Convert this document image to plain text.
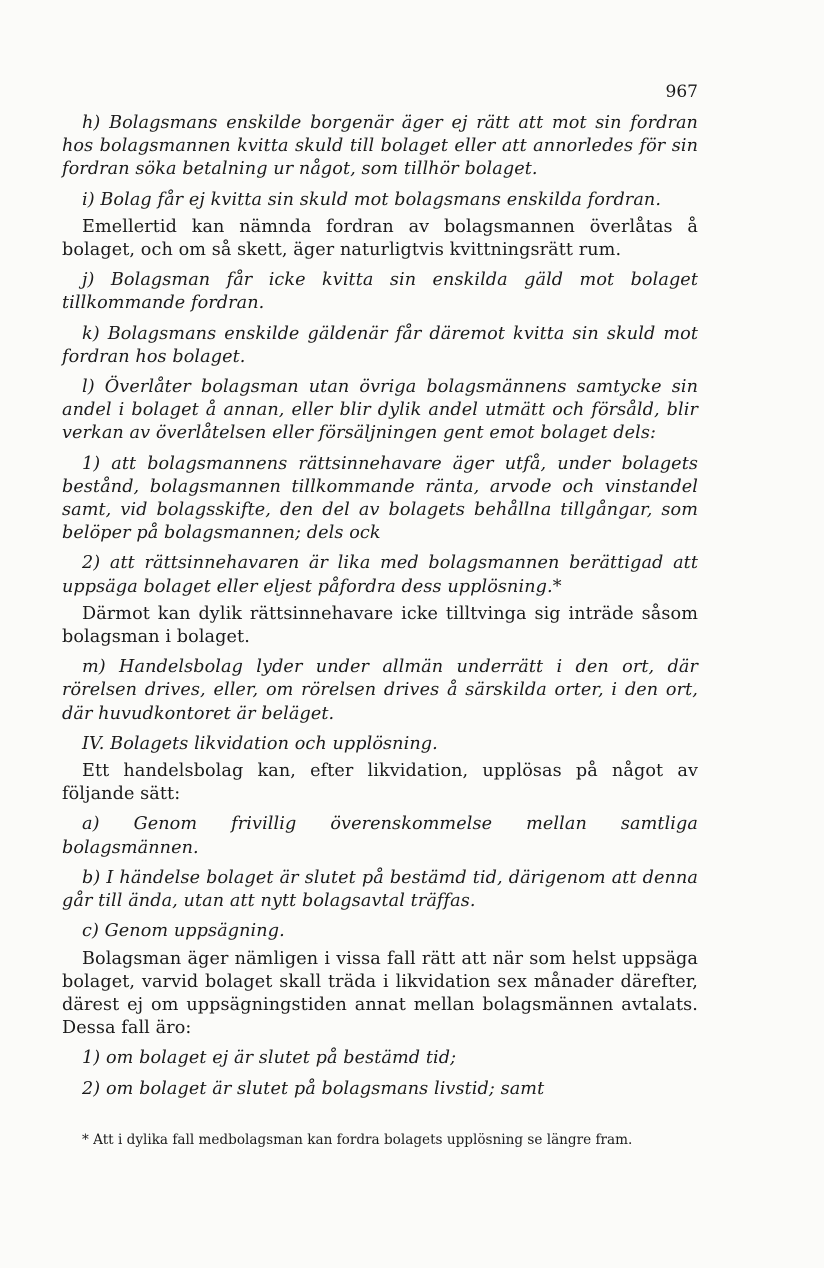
967

h) Bolagsmans enskilde borgenär äger ej rätt att mot sin fordran hos bolagsmannen kvitta skuld till bolaget eller att annorledes för sin fordran söka betalning ur något, som tillhör bolaget.

i) Bolag får ej kvitta sin skuld mot bolagsmans enskilda fordran.

Emellertid kan nämnda fordran av bolagsmannen överlåtas å bolaget, och om så skett, äger naturligtvis kvittningsrätt rum.

j) Bolagsman får icke kvitta sin enskilda gäld mot bolaget tillkommande fordran.

k) Bolagsmans enskilde gäldenär får däremot kvitta sin skuld mot fordran hos bolaget.

l) Överlåter bolagsman utan övriga bolagsmännens samtycke sin andel i bolaget å annan, eller blir dylik andel utmätt och försåld, blir verkan av överlåtelsen eller försäljningen gent emot bolaget dels:

1) att bolagsmannens rättsinnehavare äger utfå, under bolagets bestånd, bolagsmannen tillkommande ränta, arvode och vinstandel samt, vid bolagsskifte, den del av bolagets behållna tillgångar, som belöper på bolagsmannen; dels ock

2) att rättsinnehavaren är lika med bolagsmannen berättigad att uppsäga bolaget eller eljest påfordra dess upplösning.*

Därmot kan dylik rättsinnehavare icke tilltvinga sig inträde såsom bolagsman i bolaget.

m) Handelsbolag lyder under allmän underrätt i den ort, där rörelsen drives, eller, om rörelsen drives å särskilda orter, i den ort, där huvudkontoret är beläget.

IV. Bolagets likvidation och upplösning.

Ett handelsbolag kan, efter likvidation, upplösas på något av följande sätt:

a) Genom frivillig överenskommelse mellan samtliga bolagsmännen.

b) I händelse bolaget är slutet på bestämd tid, därigenom att denna går till ända, utan att nytt bolagsavtal träffas.

c) Genom uppsägning.

Bolagsman äger nämligen i vissa fall rätt att när som helst uppsäga bolaget, varvid bolaget skall träda i likvidation sex månader därefter, därest ej om uppsägningstiden annat mellan bolagsmännen avtalats. Dessa fall äro:

1) om bolaget ej är slutet på bestämd tid;

2) om bolaget är slutet på bolagsmans livstid; samt

* Att i dylika fall medbolagsman kan fordra bolagets upplösning se längre fram.
